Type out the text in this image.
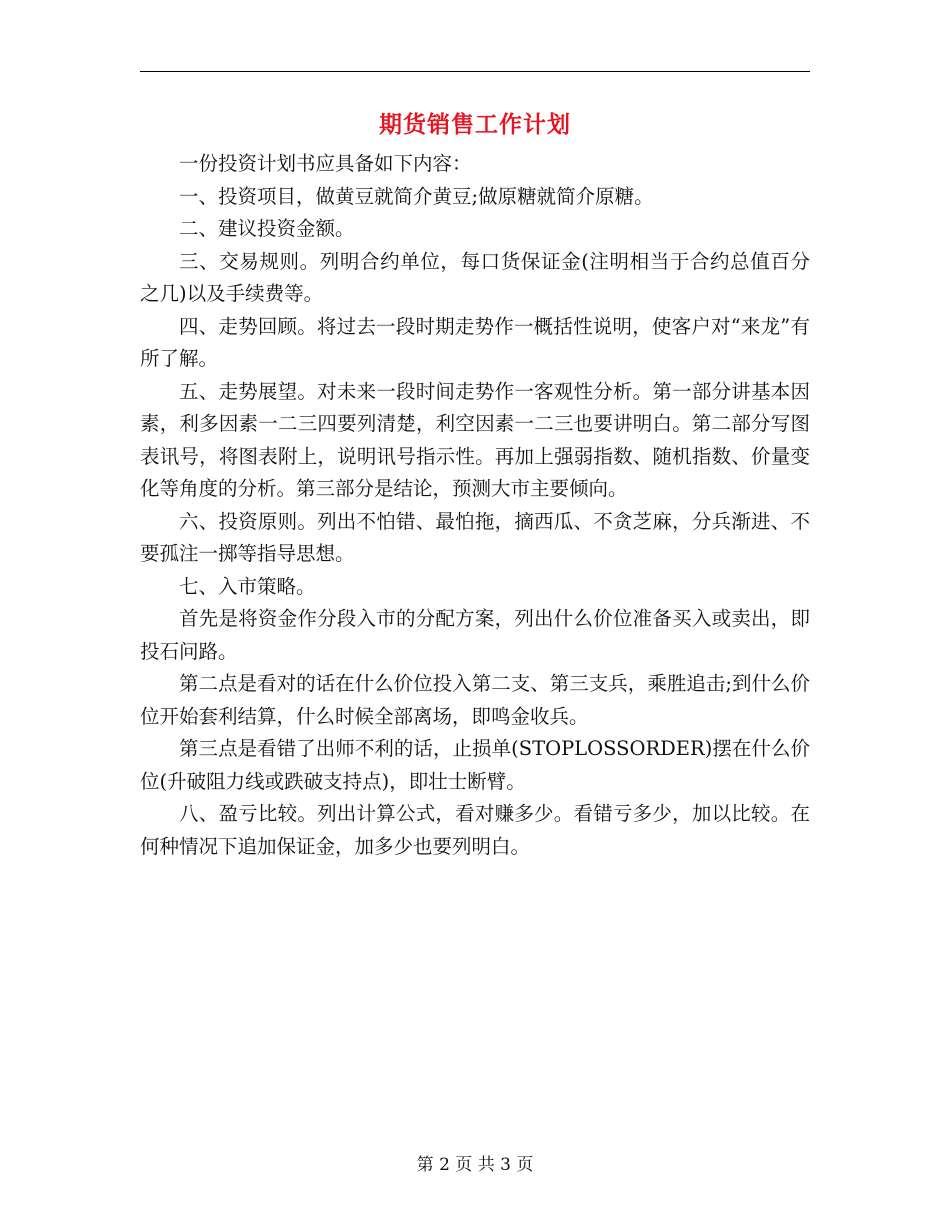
期货销售工作计划

一份投资计划书应具备如下内容：

一、投资项目，做黄豆就简介黄豆;做原糖就简介原糖。

二、建议投资金额。

三、交易规则。列明合约单位，每口货保证金(注明相当于合约总值百分之几)以及手续费等。

四、走势回顾。将过去一段时期走势作一概括性说明，使客户对“来龙”有所了解。

五、走势展望。对未来一段时间走势作一客观性分析。第一部分讲基本因素，利多因素一二三四要列清楚，利空因素一二三也要讲明白。第二部分写图表讯号，将图表附上，说明讯号指示性。再加上强弱指数、随机指数、价量变化等角度的分析。第三部分是结论，预测大市主要倾向。

六、投资原则。列出不怕错、最怕拖，摘西瓜、不贪芝麻，分兵渐进、不要孤注一掷等指导思想。

七、入市策略。

首先是将资金作分段入市的分配方案，列出什么价位准备买入或卖出，即投石问路。

第二点是看对的话在什么价位投入第二支、第三支兵，乘胜追击;到什么价位开始套利结算，什么时候全部离场，即鸣金收兵。

第三点是看错了出师不利的话，止损单(STOPLOSSORDER)摆在什么价位(升破阻力线或跌破支持点)，即壮士断臂。

八、盈亏比较。列出计算公式，看对赚多少。看错亏多少，加以比较。在何种情况下追加保证金，加多少也要列明白。

第 2 页 共 3 页
